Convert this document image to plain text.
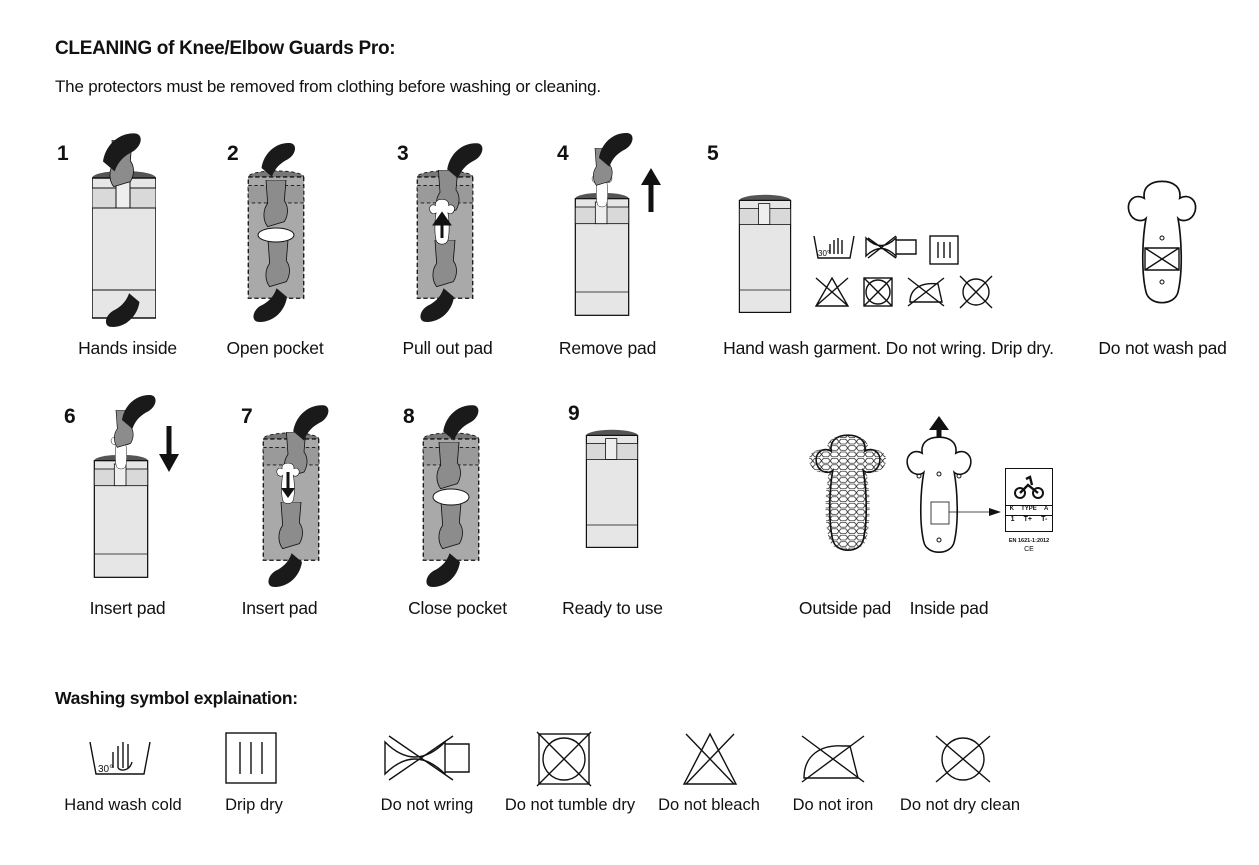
CLEANING of Knee/Elbow Guards Pro:
The protectors must be removed from clothing before washing or cleaning.
1
Hands inside
2
Open pocket
3
Pull out pad
4
Remove pad
5
30°
Hand wash garment. Do not wring. Drip dry.	Do not wash pad
6
Insert pad
7
Insert pad
8
Close pocket
9
Ready to use
K TYPE A
1 T+ T-
EN 1621-1:2012
CE
Outside pad Inside pad
Washing symbol explaination:
30°
Hand wash cold	Drip dry	Do not wring	Do not tumble dry	Do not bleach	Do not iron	Do not dry clean
